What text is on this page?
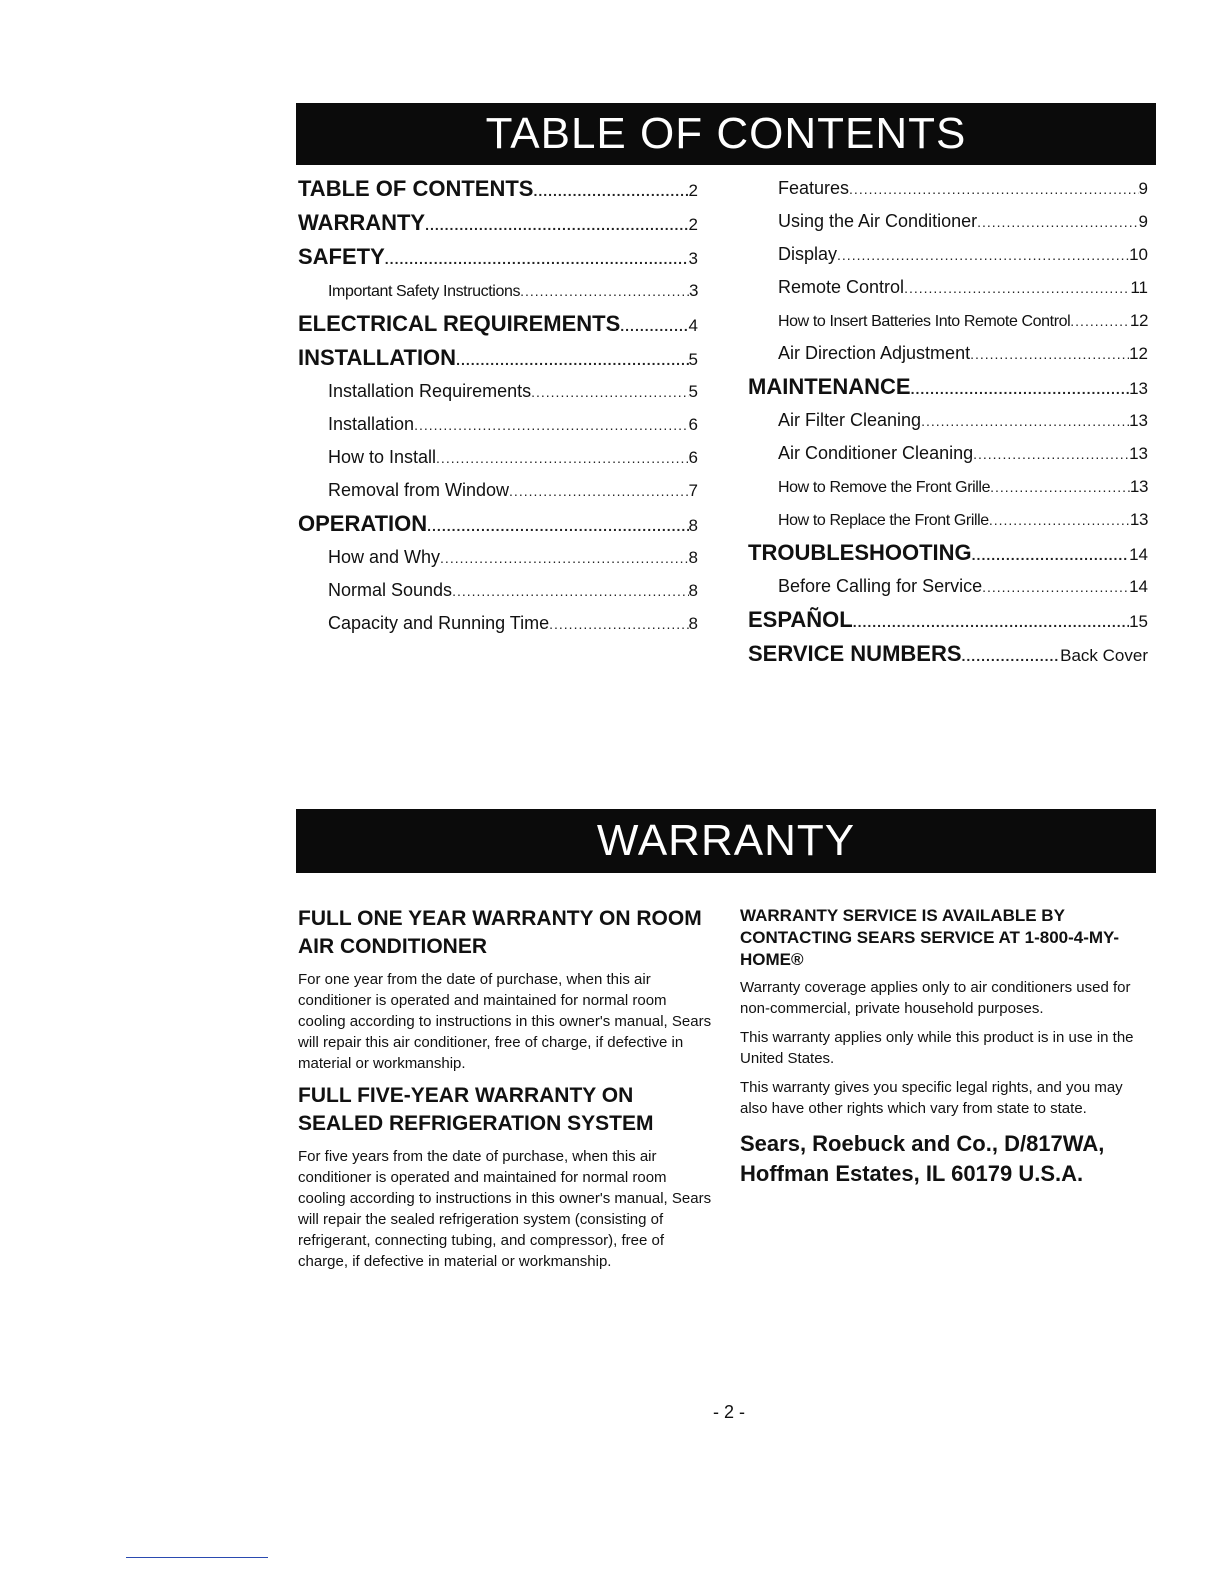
TABLE OF CONTENTS
TABLE OF CONTENTS .....	2
WARRANTY .....	2
SAFETY .....	3
Important Safety Instructions .....	3
ELECTRICAL REQUIREMENTS .....	4
INSTALLATION .....	5
Installation Requirements .....	5
Installation .....	6
How to Install .....	6
Removal from Window .....	7
OPERATION .....	8
How and Why .....	8
Normal Sounds .....	8
Capacity and Running Time .....	8
Features .....	9
Using the Air Conditioner .....	9
Display .....	10
Remote Control .....	11
How to Insert Batteries Into Remote Control .....	12
Air Direction Adjustment .....	12
MAINTENANCE .....	13
Air Filter Cleaning .....	13
Air Conditioner Cleaning .....	13
How to Remove the Front Grille .....	13
How to Replace the Front Grille .....	13
TROUBLESHOOTING .....	14
Before Calling for Service .....	14
ESPAÑOL .....	15
SERVICE NUMBERS .....	Back Cover
WARRANTY
FULL ONE YEAR WARRANTY ON ROOM AIR CONDITIONER
For one year from the date of purchase, when this air conditioner is operated and maintained for normal room cooling according to instructions in this owner's manual, Sears will repair this air conditioner, free of charge, if defective in material or workmanship.
FULL FIVE-YEAR WARRANTY ON SEALED REFRIGERATION SYSTEM
For five years from the date of purchase, when this air conditioner is operated and maintained for normal room cooling according to instructions in this owner's manual, Sears will repair the sealed refrigeration system (consisting of refrigerant, connecting tubing, and compressor), free of charge, if defective in material or workmanship.
WARRANTY SERVICE IS AVAILABLE BY CONTACTING SEARS SERVICE AT 1-800-4-MY-HOME®
Warranty coverage applies only to air conditioners used for non-commercial, private household purposes.
This warranty applies only while this product is in use in the United States.
This warranty gives you specific legal rights, and you may also have other rights which vary from state to state.
Sears, Roebuck and Co., D/817WA,
Hoffman Estates, IL 60179 U.S.A.
- 2 -
